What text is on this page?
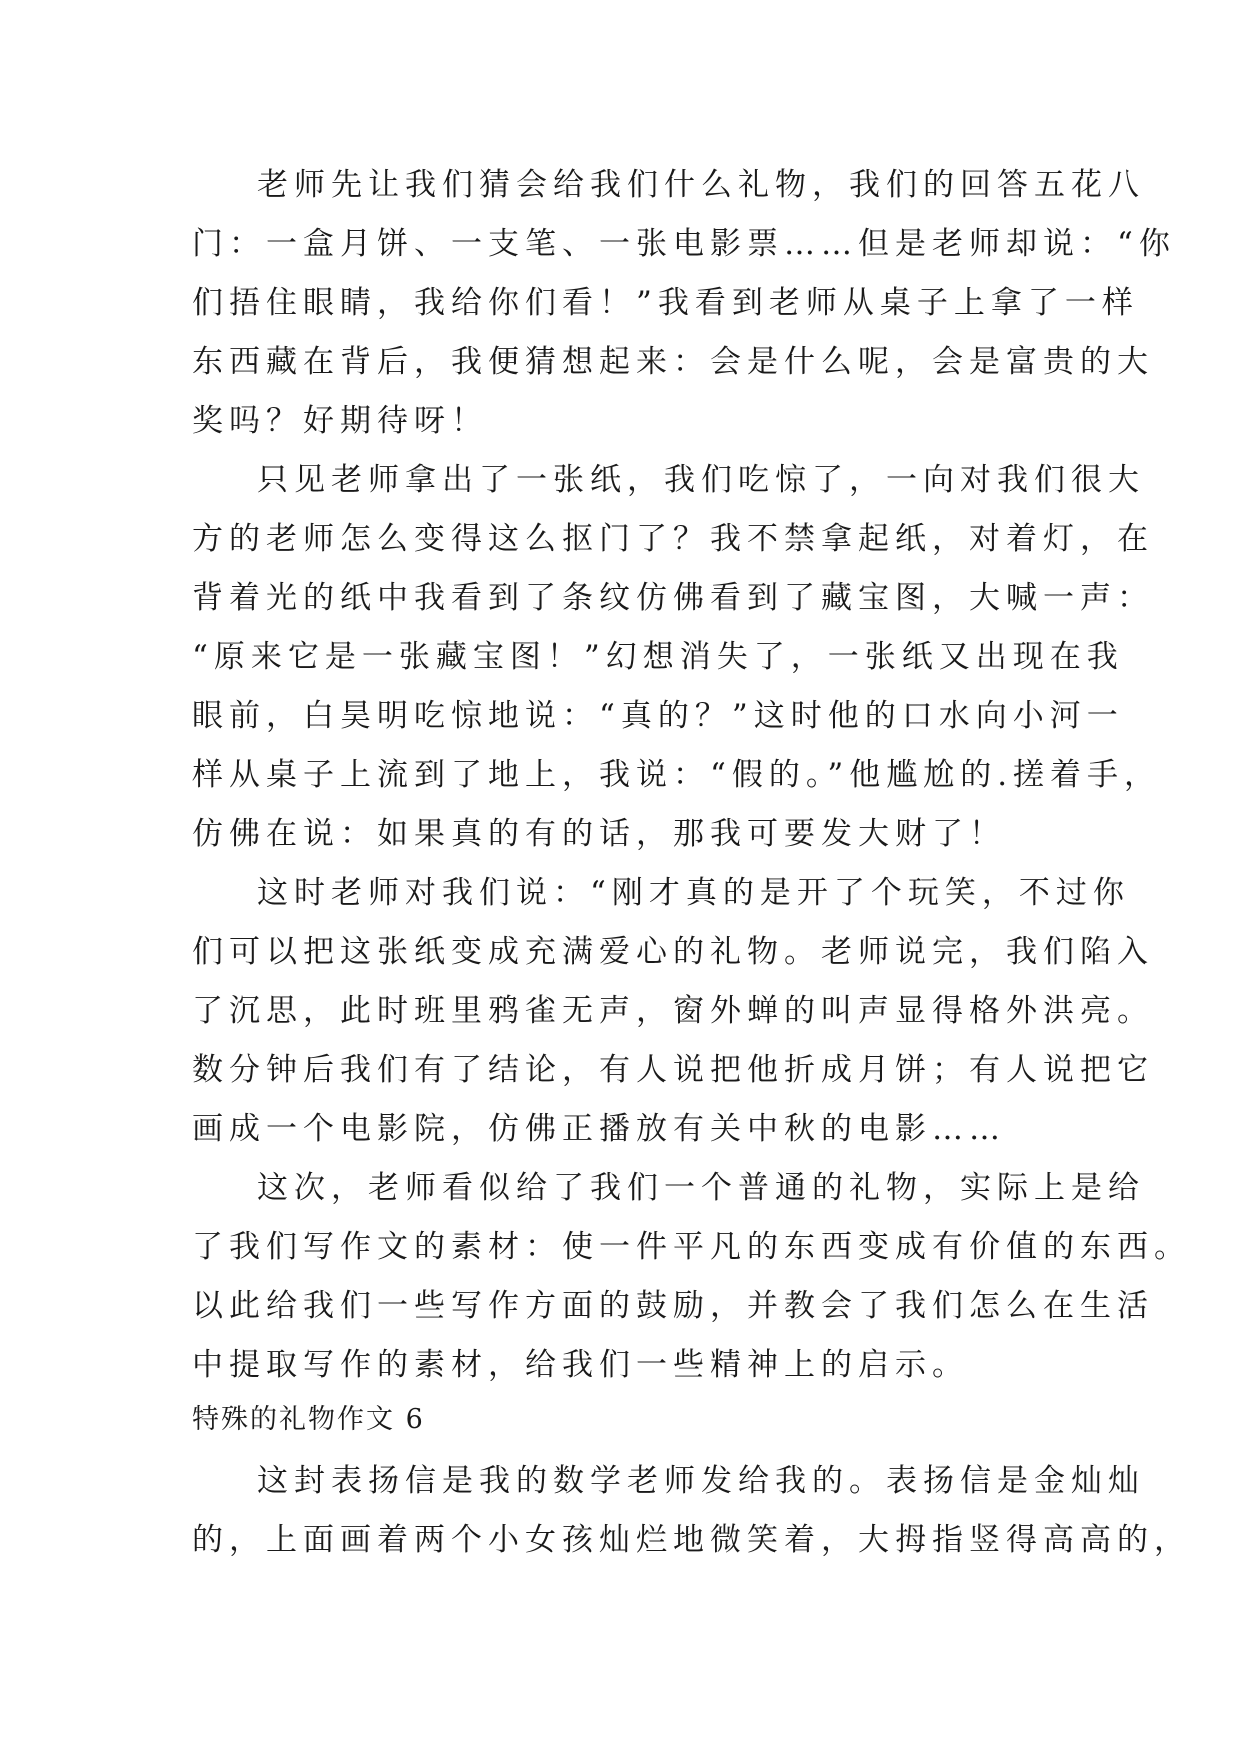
老师先让我们猜会给我们什么礼物，我们的回答五花八
门：一盒月饼、一支笔、一张电影票……但是老师却说：“你
们捂住眼睛，我给你们看！”我看到老师从桌子上拿了一样
东西藏在背后，我便猜想起来：会是什么呢，会是富贵的大
奖吗？好期待呀！
只见老师拿出了一张纸，我们吃惊了，一向对我们很大
方的老师怎么变得这么抠门了？我不禁拿起纸，对着灯，在
背着光的纸中我看到了条纹仿佛看到了藏宝图，大喊一声：
“原来它是一张藏宝图！”幻想消失了，一张纸又出现在我
眼前，白昊明吃惊地说：“真的？”这时他的口水向小河一
样从桌子上流到了地上，我说：“假的。”他尴尬的.搓着手，
仿佛在说：如果真的有的话，那我可要发大财了！
这时老师对我们说：“刚才真的是开了个玩笑，不过你
们可以把这张纸变成充满爱心的礼物。老师说完，我们陷入
了沉思，此时班里鸦雀无声，窗外蝉的叫声显得格外洪亮。
数分钟后我们有了结论，有人说把他折成月饼；有人说把它
画成一个电影院，仿佛正播放有关中秋的电影……
这次，老师看似给了我们一个普通的礼物，实际上是给
了我们写作文的素材：使一件平凡的东西变成有价值的东西。
以此给我们一些写作方面的鼓励，并教会了我们怎么在生活
中提取写作的素材，给我们一些精神上的启示。
特殊的礼物作文 6
这封表扬信是我的数学老师发给我的。表扬信是金灿灿
的，上面画着两个小女孩灿烂地微笑着，大拇指竖得高高的，
